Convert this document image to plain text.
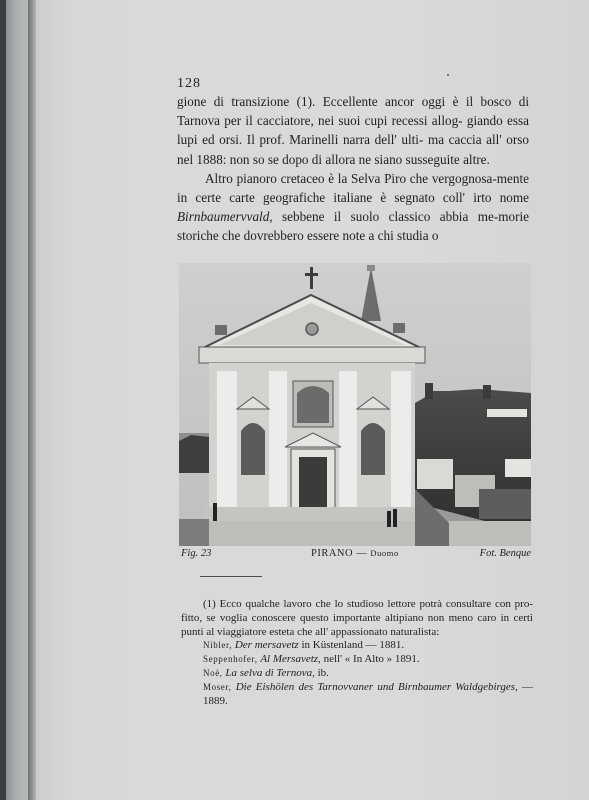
128

gione di transizione (1). Eccellente ancor oggi è il bosco di Tarnova per il cacciatore, nei suoi cupi recessi allog- giando essa lupi ed orsi. Il prof. Marinelli narra dell' ulti- ma caccia all' orso nel 1888: non so se dopo di allora ne siano susseguite altre.

Altro pianoro cretaceo è la Selva Piro che vergognosa-mente in certe carte geografiche italiane è segnato coll' irto nome Birnbaumervvald, sebbene il suolo classico abbia me-morie storiche che dovrebbero essere note a chi studia o

Fig. 23	PIRANO — Duomo	Fot. Benque

(1) Ecco qualche lavoro che lo studioso lettore potrà consultare con pro-fitto, se voglia conoscere questo importante altipiano non meno caro in certi punti al viaggiatore esteta che all' appassionato naturalista:

Nibler, Der mersavetz in Küstenland — 1881.

Seppenhofer, Al Mersavetz, nell' « In Alto » 1891.

Noè, La selva di Ternova, ib.

Moser, Die Eishölen des Tarnovvaner und Birnbaumer Waldgebirges, — 1889.
